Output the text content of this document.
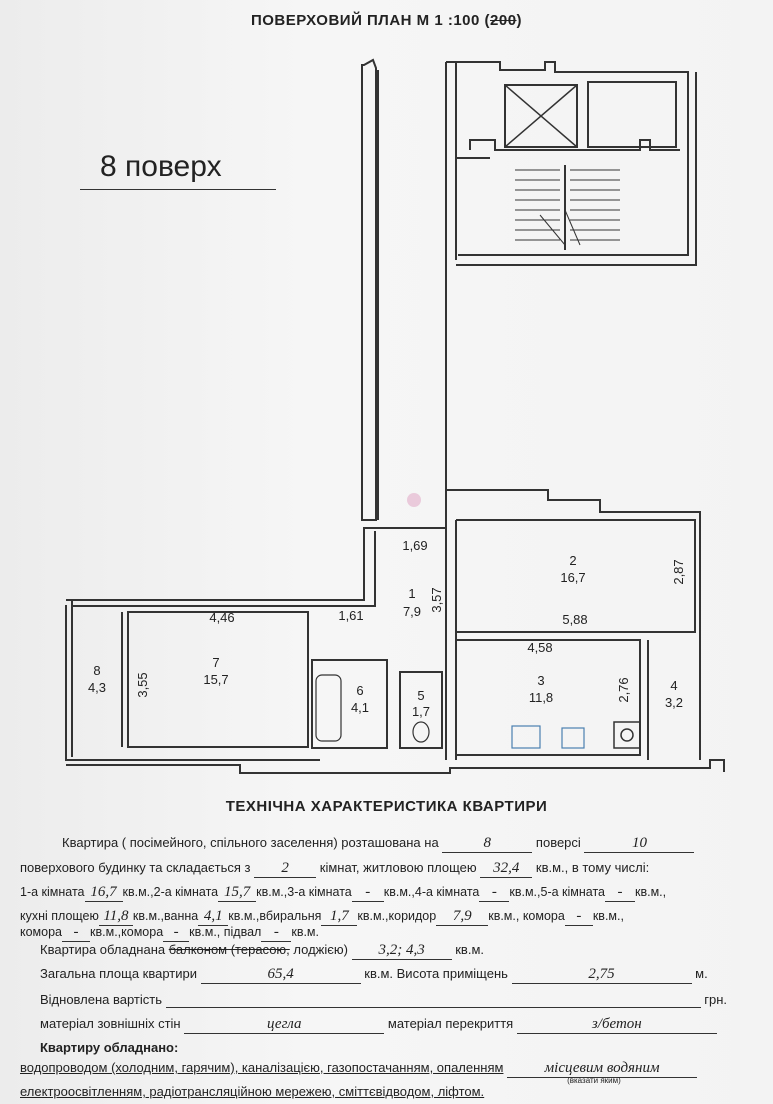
ПОВЕРХОВИЙ ПЛАН М 1 :100 (200)
8 поверх
1
7,9
2
16,7
3
11,8
4
3,2
5
1,7
6
4,1
7
15,7
8
4,3
1,69
3,57
1,61
4,46	5,88
2,87
4,58
2,76
3,55
ТЕХНІЧНА ХАРАКТЕРИСТИКА КВАРТИРИ
Квартира ( посімейного, спільного заселення) розташована на	8	поверсі	10
поверхового будинку та складається з 2 кімнат, житловою площею 32,4 кв.м., в тому числі:
1-а кімната 16,7 кв.м.,2-а кімната 15,7 кв.м.,3-а кімната - кв.м.,4-а кімната - кв.м.,5-а кімната - кв.м.,
кухні площею 11,8 кв.м.,ванна 4,1 кв.м.,вбиральня 1,7 кв.м.,коридор 7,9 кв.м., комора - кв.м.,
комора - кв.м.,комора - кв.м., підвал - кв.м.
Квартира обладнана балконом (терасою, лоджією) 3,2; 4,3 кв.м.
Загальна площа квартири	65,4	кв.м. Висота приміщень	2,75	м.
Відновлена вартість	грн.
матеріал зовнішніх стін	цегла	матеріал перекриття	з/бетон
Квартиру обладнано:
водопроводом (холодним, гарячим), каналізацією, газопостачанням, опаленням	місцевим водяним
(вказати яким)
електроосвітленням, радіотрансляційною мережею, сміттєвідводом, ліфтом.
